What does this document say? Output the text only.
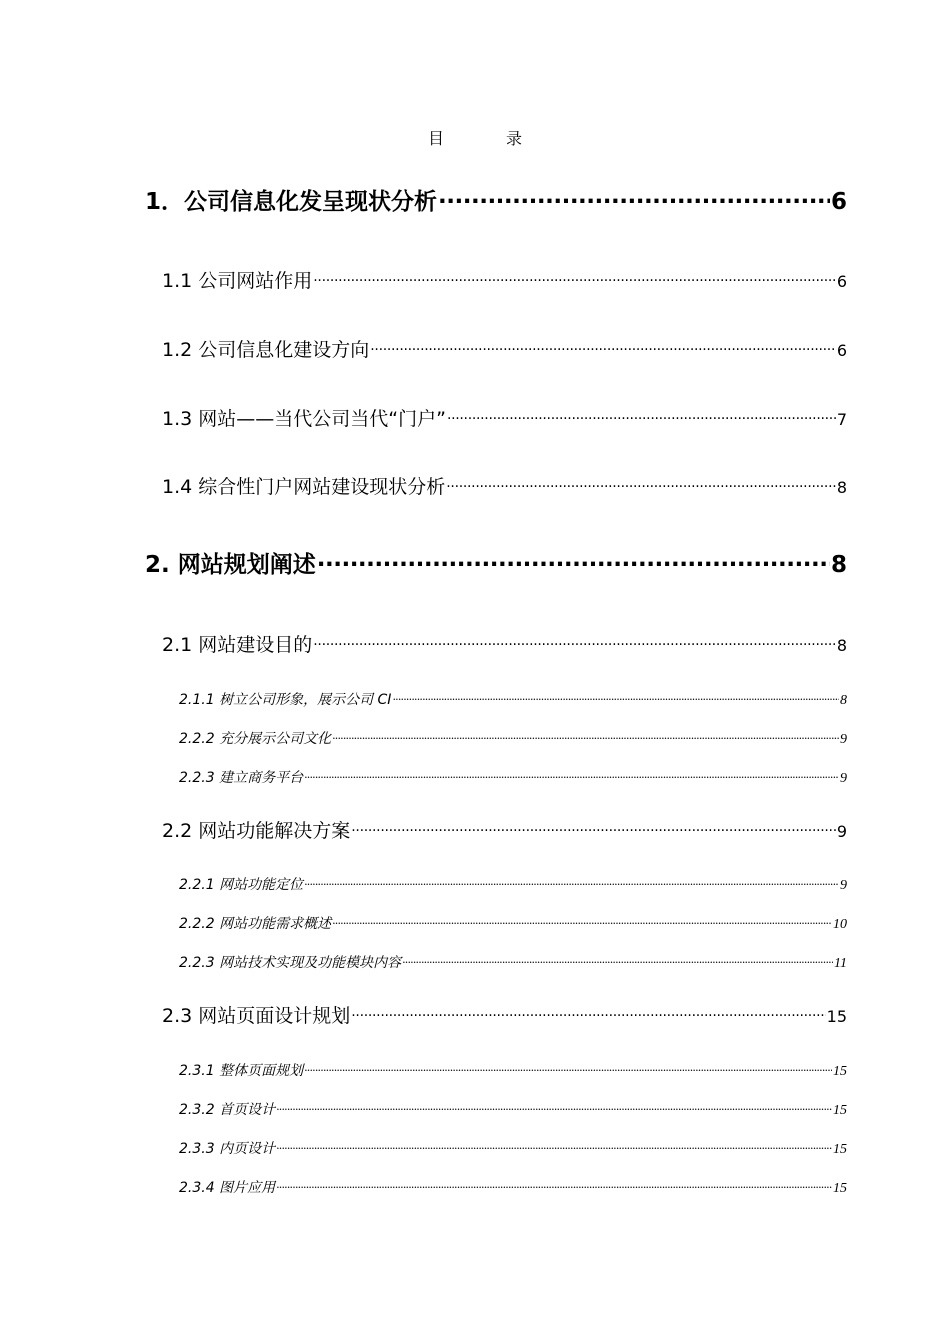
目	录
1．公司信息化发呈现状分析 .....	6
1.1 公司网站作用 .....	6
1.2 公司信息化建设方向 .....	6
1.3 网站——当代公司当代“门户” .....	7
1.4 综合性门户网站建设现状分析 .....	8
2. 网站规划阐述 .....	8
2.1 网站建设目的 .....	8
2.1.1 树立公司形象，展示公司 CI .....	8
2.2.2 充分展示公司文化 .....	9
2.2.3 建立商务平台 .....	9
2.2 网站功能解决方案 .....	9
2.2.1 网站功能定位 .....	9
2.2.2 网站功能需求概述 .....	10
2.2.3 网站技术实现及功能模块内容 .....	11
2.3 网站页面设计规划 .....	15
2.3.1 整体页面规划 .....	15
2.3.2 首页设计 .....	15
2.3.3 内页设计 .....	15
2.3.4 图片应用 .....	15
